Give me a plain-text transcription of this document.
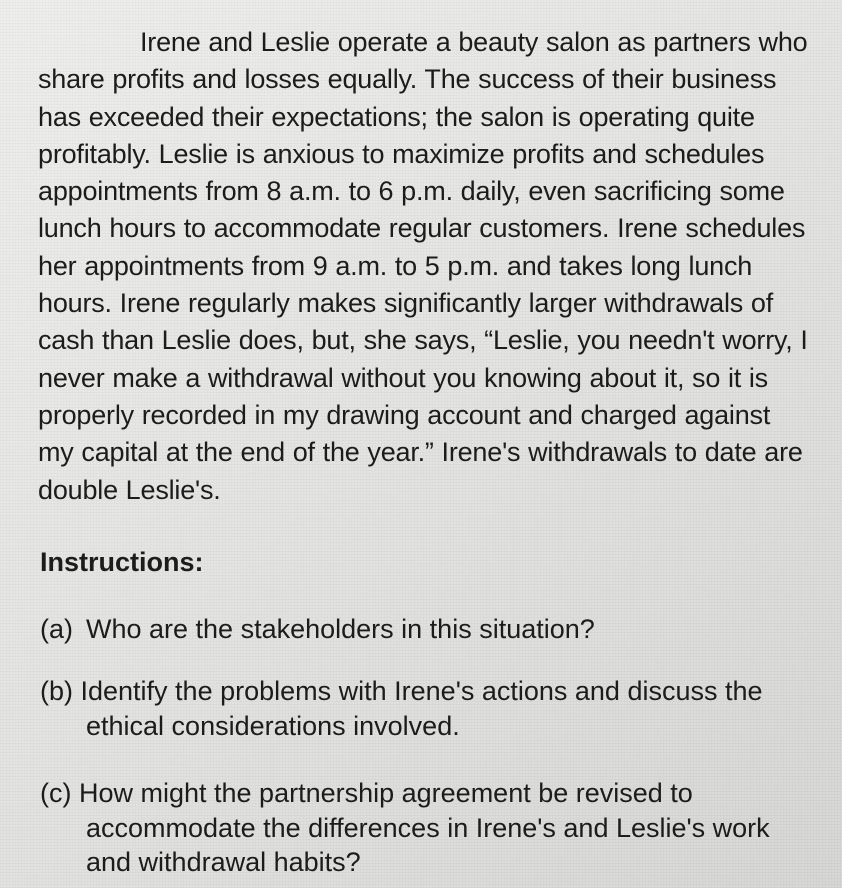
Irene and Leslie operate a beauty salon as partners who share profits and losses equally. The success of their business has exceeded their expectations; the salon is operating quite profitably. Leslie is anxious to maximize profits and schedules appointments from 8 a.m. to 6 p.m. daily, even sacrificing some lunch hours to accommodate regular customers. Irene schedules her appointments from 9 a.m. to 5 p.m. and takes long lunch hours. Irene regularly makes significantly larger withdrawals of cash than Leslie does, but, she says, “Leslie, you needn't worry, I never make a withdrawal without you knowing about it, so it is properly recorded in my drawing account and charged against my capital at the end of the year.” Irene's withdrawals to date are double Leslie's.

Instructions:
(a) Who are the stakeholders in this situation?
(b) Identify the problems with Irene's actions and discuss the ethical considerations involved.
(c) How might the partnership agreement be revised to accommodate the differences in Irene's and Leslie's work and withdrawal habits?
